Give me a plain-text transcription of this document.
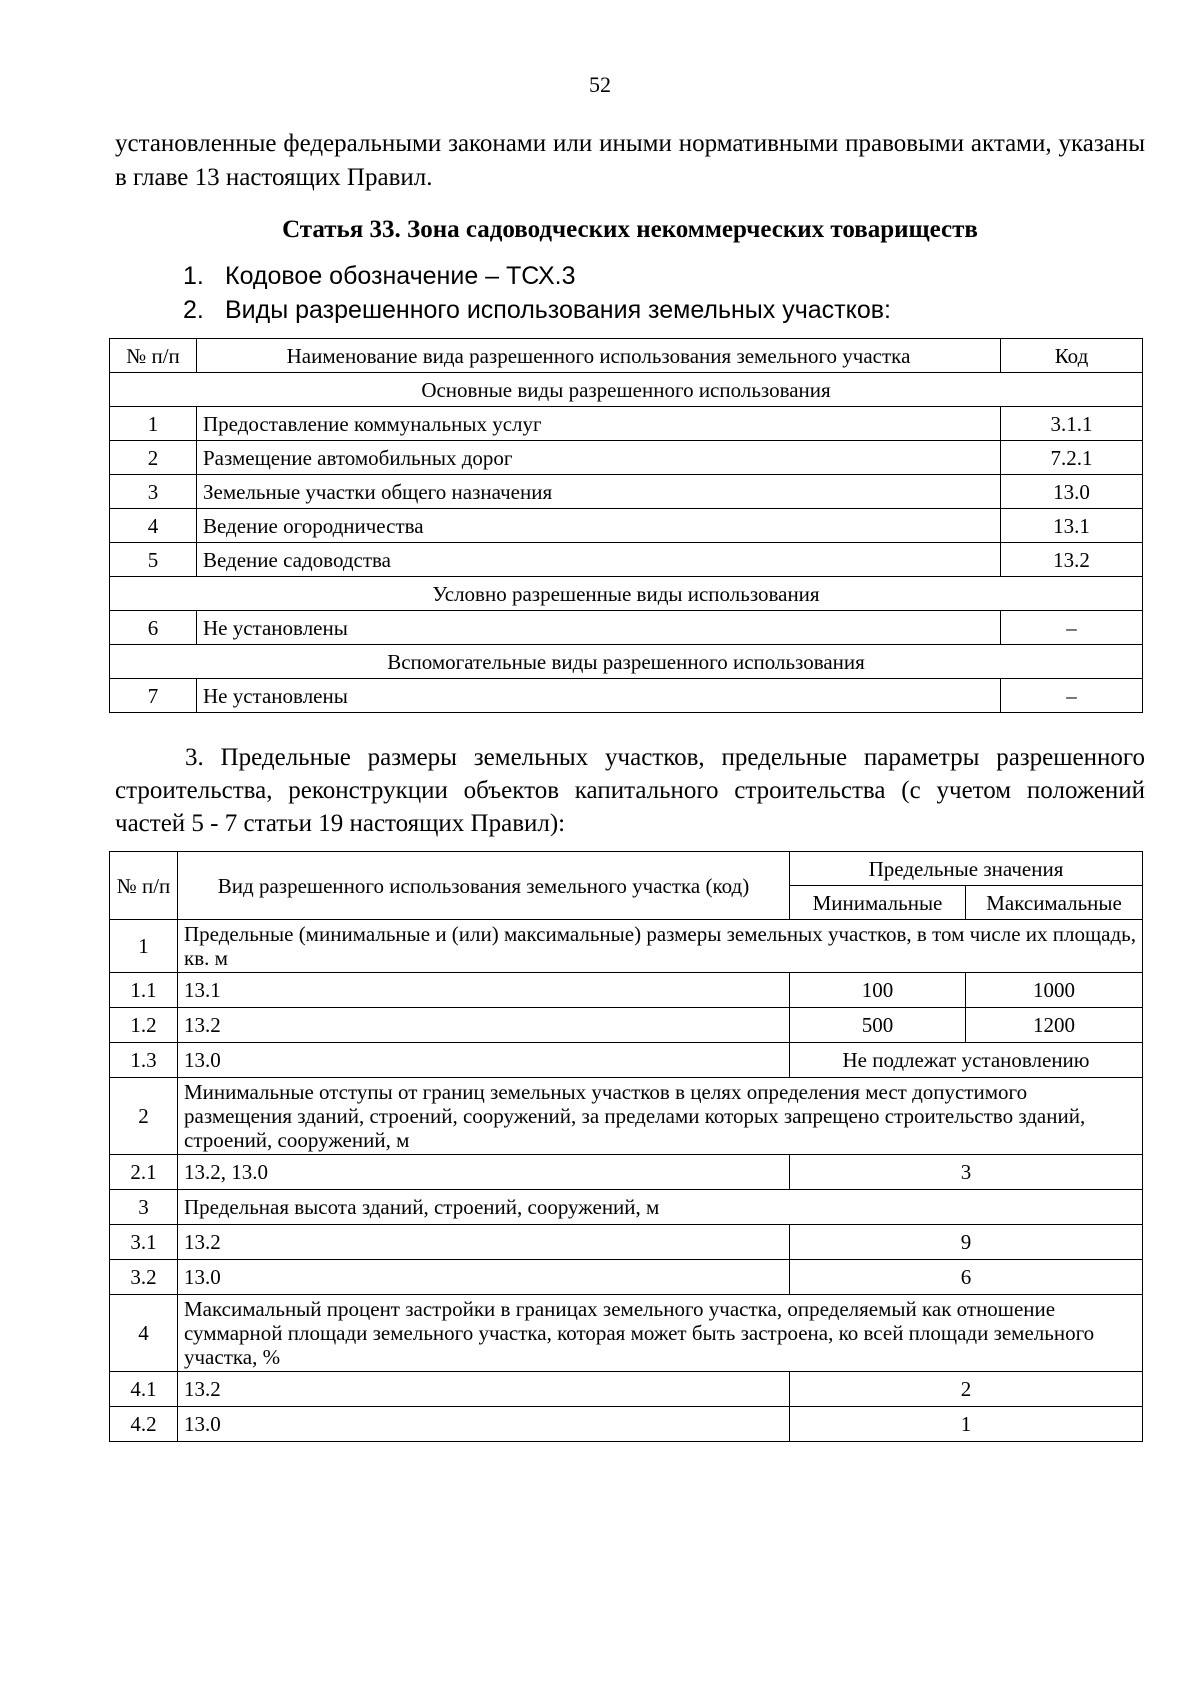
52

установленные федеральными законами или иными нормативными правовыми актами, указаны в главе 13 настоящих Правил.

Статья 33. Зона садоводческих некоммерческих товариществ
1. Кодовое обозначение – ТСХ.3
2. Виды разрешенного использования земельных участков:
№ п/п	Наименование вида разрешенного использования земельного участка	Код
Основные виды разрешенного использования		
1	Предоставление коммунальных услуг	3.1.1
2	Размещение автомобильных дорог	7.2.1
3	Земельные участки общего назначения	13.0
4	Ведение огородничества	13.1
5	Ведение садоводства	13.2
Условно разрешенные виды использования		
6	Не установлены	–
Вспомогательные виды разрешенного использования		
7	Не установлены	–

3. Предельные размеры земельных участков, предельные параметры разрешенного строительства, реконструкции объектов капитального строительства (с учетом положений частей 5 - 7 статьи 19 настоящих Правил):

№ п/п	Вид разрешенного использования земельного участка (код)	Предельные значения	
		Минимальные	Максимальные
1	Предельные (минимальные и (или) максимальные) размеры земельных участков, в том числе их площадь, кв. м		
1.1	13.1	100	1000
1.2	13.2	500	1200
1.3	13.0	Не подлежат установлению	
2	Минимальные отступы от границ земельных участков в целях определения мест допустимого размещения зданий, строений, сооружений, за пределами которых запрещено строительство зданий, строений, сооружений, м		
2.1	13.2, 13.0	3	
3	Предельная высота зданий, строений, сооружений, м		
3.1	13.2	9	
3.2	13.0	6	
4	Максимальный процент застройки в границах земельного участка, определяемый как отношение суммарной площади земельного участка, которая может быть застроена, ко всей площади земельного участка, %		
4.1	13.2	2	
4.2	13.0	1	
